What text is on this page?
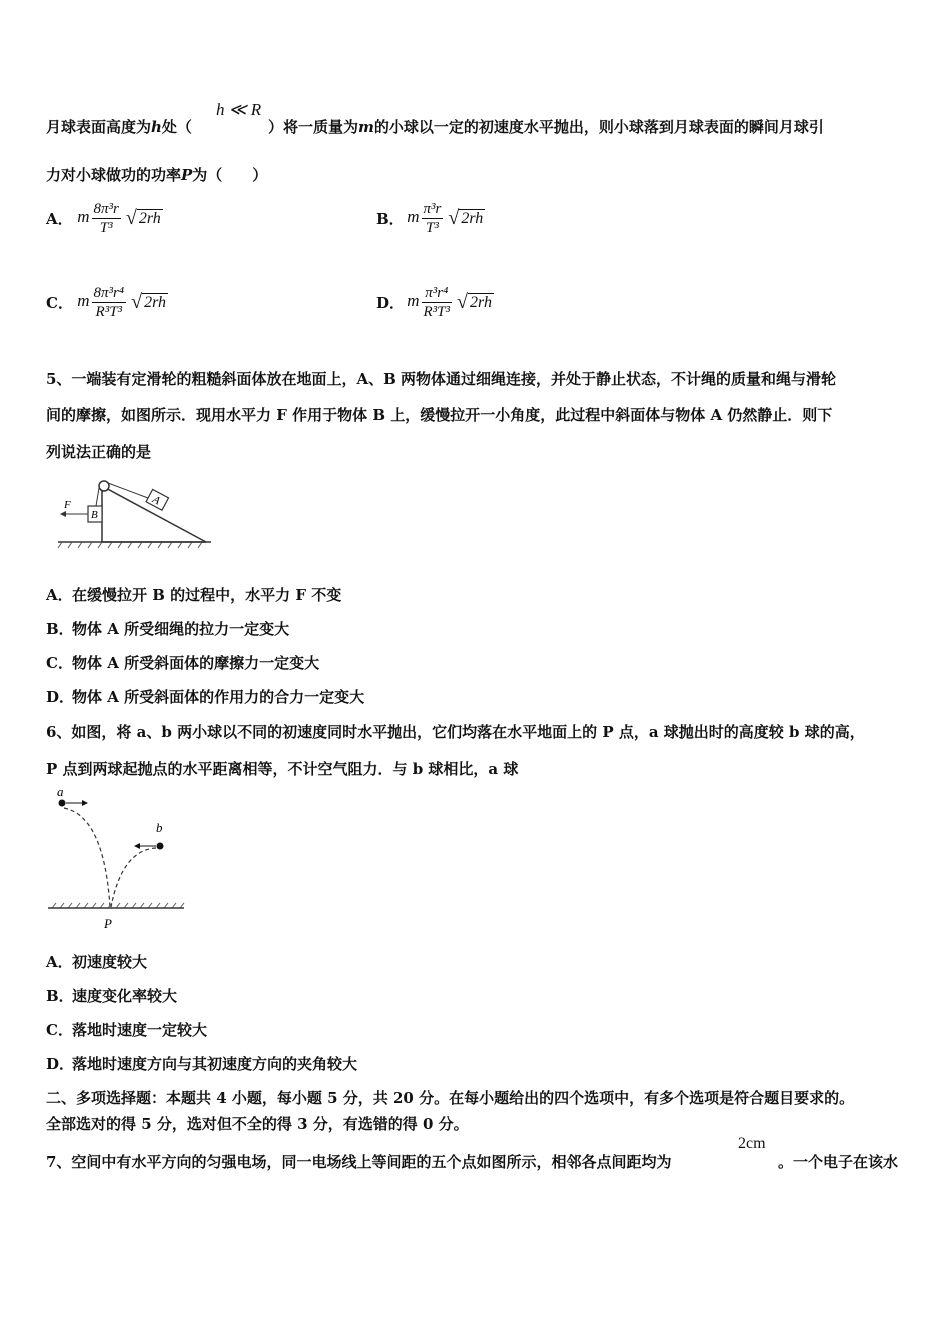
月球表面高度为h处（
h ≪ R
）将一质量为m的小球以一定的初速度水平抛出，则小球落到月球表面的瞬间月球引
力对小球做功的功率P为（　　）
A． m $\frac{\text{8π³r}}{\text{T³}}$ √ 2rh	B． m $\frac{\text{π³r}}{\text{T³}}$ √ 2rh
C． m $\frac{\text{8π³r⁴}}{\text{R³T³}}$ √ 2rh	D． m $\frac{\text{π³r⁴}}{\text{R³T³}}$ √ 2rh
5、一端装有定滑轮的粗糙斜面体放在地面上，A、B 两物体通过细绳连接，并处于静止状态，不计绳的质量和绳与滑轮
间的摩擦，如图所示．现用水平力 F 作用于物体 B 上，缓慢拉开一小角度，此过程中斜面体与物体 A 仍然静止．则下
列说法正确的是
A
B
F
A．在缓慢拉开 B 的过程中，水平力 F 不变
B．物体 A 所受细绳的拉力一定变大
C．物体 A 所受斜面体的摩擦力一定变大
D．物体 A 所受斜面体的作用力的合力一定变大
6、如图，将 a、b 两小球以不同的初速度同时水平抛出，它们均落在水平地面上的 P 点，a 球抛出时的高度较 b 球的高，
P 点到两球起抛点的水平距离相等，不计空气阻力．与 b 球相比，a 球
a
b
P
A．初速度较大
B．速度变化率较大
C．落地时速度一定较大
D．落地时速度方向与其初速度方向的夹角较大
二、多项选择题：本题共 4 小题，每小题 5 分，共 20 分。在每小题给出的四个选项中，有多个选项是符合题目要求的。
全部选对的得 5 分，选对但不全的得 3 分，有选错的得 0 分。
7、空间中有水平方向的匀强电场，同一电场线上等间距的五个点如图所示，相邻各点间距均为
2cm
。一个电子在该水
